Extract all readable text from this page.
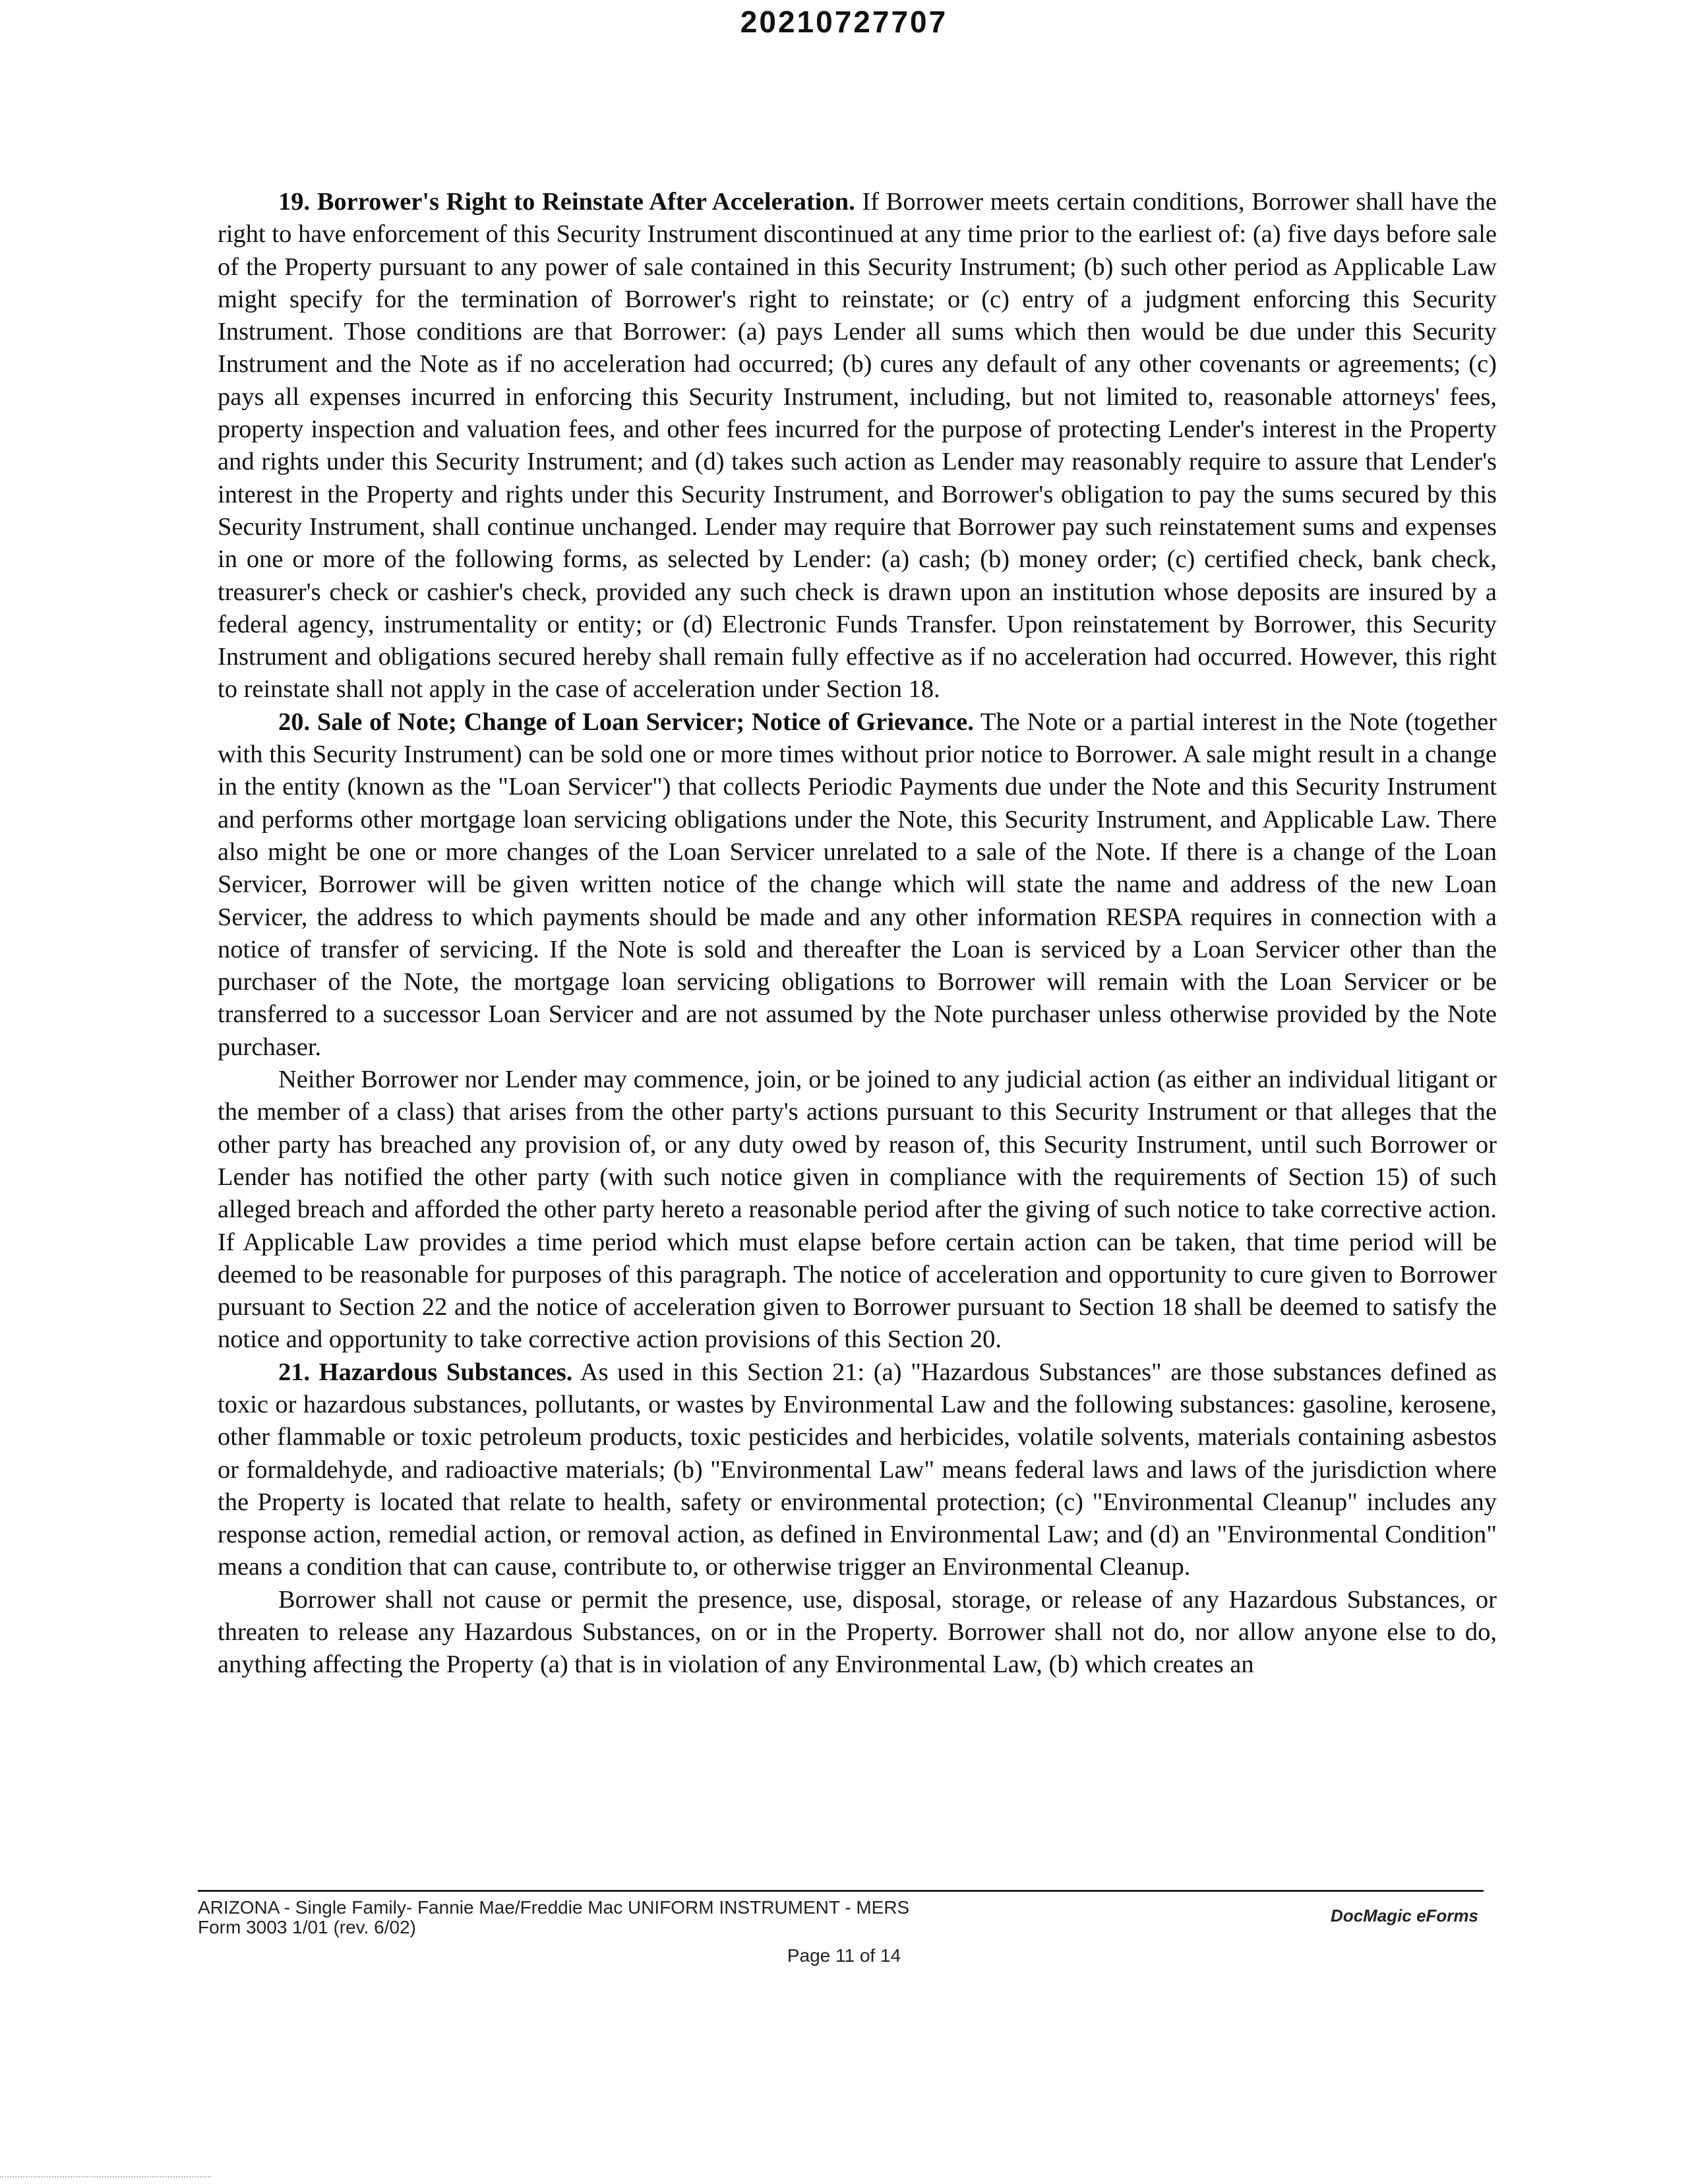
20210727707

19. Borrower's Right to Reinstate After Acceleration. If Borrower meets certain conditions, Borrower shall have the right to have enforcement of this Security Instrument discontinued at any time prior to the earliest of: (a) five days before sale of the Property pursuant to any power of sale contained in this Security Instrument; (b) such other period as Applicable Law might specify for the termination of Borrower's right to reinstate; or (c) entry of a judgment enforcing this Security Instrument. Those conditions are that Borrower: (a) pays Lender all sums which then would be due under this Security Instrument and the Note as if no acceleration had occurred; (b) cures any default of any other covenants or agreements; (c) pays all expenses incurred in enforcing this Security Instrument, including, but not limited to, reasonable attorneys' fees, property inspection and valuation fees, and other fees incurred for the purpose of protecting Lender's interest in the Property and rights under this Security Instrument; and (d) takes such action as Lender may reasonably require to assure that Lender's interest in the Property and rights under this Security Instrument, and Borrower's obligation to pay the sums secured by this Security Instrument, shall continue unchanged. Lender may require that Borrower pay such reinstatement sums and expenses in one or more of the following forms, as selected by Lender: (a) cash; (b) money order; (c) certified check, bank check, treasurer's check or cashier's check, provided any such check is drawn upon an institution whose deposits are insured by a federal agency, instrumentality or entity; or (d) Electronic Funds Transfer. Upon reinstatement by Borrower, this Security Instrument and obligations secured hereby shall remain fully effective as if no acceleration had occurred. However, this right to reinstate shall not apply in the case of acceleration under Section 18.

20. Sale of Note; Change of Loan Servicer; Notice of Grievance. The Note or a partial interest in the Note (together with this Security Instrument) can be sold one or more times without prior notice to Borrower. A sale might result in a change in the entity (known as the "Loan Servicer") that collects Periodic Payments due under the Note and this Security Instrument and performs other mortgage loan servicing obligations under the Note, this Security Instrument, and Applicable Law. There also might be one or more changes of the Loan Servicer unrelated to a sale of the Note. If there is a change of the Loan Servicer, Borrower will be given written notice of the change which will state the name and address of the new Loan Servicer, the address to which payments should be made and any other information RESPA requires in connection with a notice of transfer of servicing. If the Note is sold and thereafter the Loan is serviced by a Loan Servicer other than the purchaser of the Note, the mortgage loan servicing obligations to Borrower will remain with the Loan Servicer or be transferred to a successor Loan Servicer and are not assumed by the Note purchaser unless otherwise provided by the Note purchaser.

Neither Borrower nor Lender may commence, join, or be joined to any judicial action (as either an individual litigant or the member of a class) that arises from the other party's actions pursuant to this Security Instrument or that alleges that the other party has breached any provision of, or any duty owed by reason of, this Security Instrument, until such Borrower or Lender has notified the other party (with such notice given in compliance with the requirements of Section 15) of such alleged breach and afforded the other party hereto a reasonable period after the giving of such notice to take corrective action. If Applicable Law provides a time period which must elapse before certain action can be taken, that time period will be deemed to be reasonable for purposes of this paragraph. The notice of acceleration and opportunity to cure given to Borrower pursuant to Section 22 and the notice of acceleration given to Borrower pursuant to Section 18 shall be deemed to satisfy the notice and opportunity to take corrective action provisions of this Section 20.

21. Hazardous Substances. As used in this Section 21: (a) "Hazardous Substances" are those substances defined as toxic or hazardous substances, pollutants, or wastes by Environmental Law and the following substances: gasoline, kerosene, other flammable or toxic petroleum products, toxic pesticides and herbicides, volatile solvents, materials containing asbestos or formaldehyde, and radioactive materials; (b) "Environmental Law" means federal laws and laws of the jurisdiction where the Property is located that relate to health, safety or environmental protection; (c) "Environmental Cleanup" includes any response action, remedial action, or removal action, as defined in Environmental Law; and (d) an "Environmental Condition" means a condition that can cause, contribute to, or otherwise trigger an Environmental Cleanup.

Borrower shall not cause or permit the presence, use, disposal, storage, or release of any Hazardous Substances, or threaten to release any Hazardous Substances, on or in the Property. Borrower shall not do, nor allow anyone else to do, anything affecting the Property (a) that is in violation of any Environmental Law, (b) which creates an

ARIZONA - Single Family- Fannie Mae/Freddie Mac UNIFORM INSTRUMENT - MERS
Form 3003 1/01 (rev. 6/02)
DocMagic eForms
Page 11 of 14
